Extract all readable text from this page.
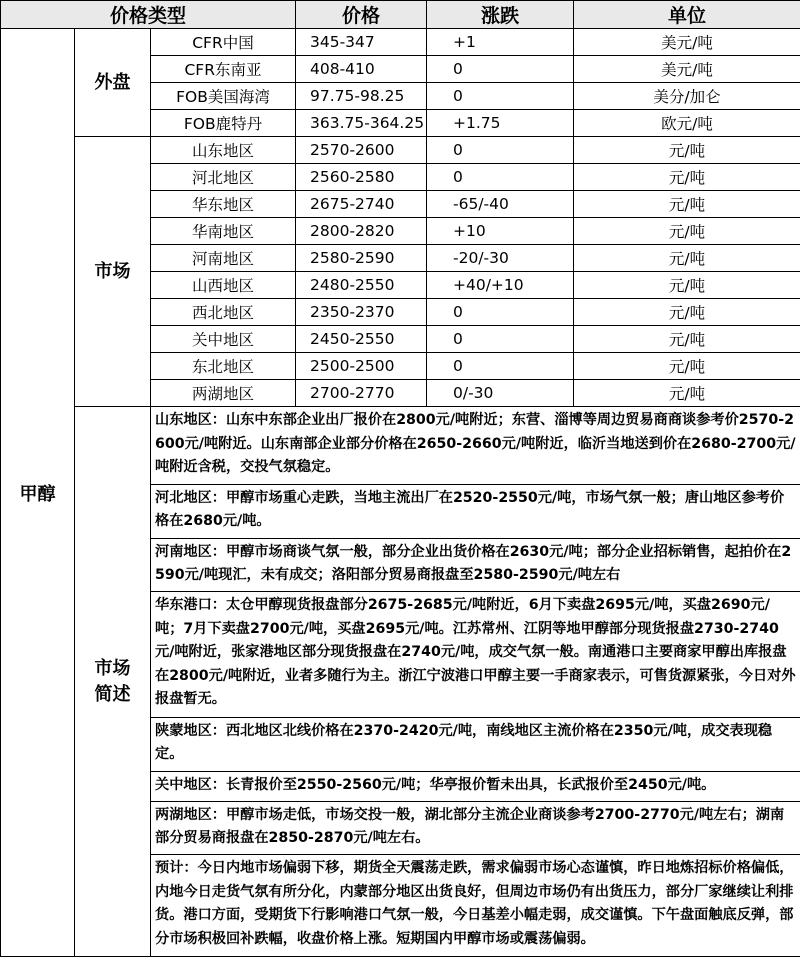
价格类型			价格	涨跌	单位
甲醇	外盘	CFR中国	345-347	+1	美元/吨
		CFR东南亚	408-410	0	美元/吨
		FOB美国海湾	97.75-98.25	0	美分/加仑
		FOB鹿特丹	363.75-364.25	+1.75	欧元/吨
	市场	山东地区	2570-2600	0	元/吨
		河北地区	2560-2580	0	元/吨
		华东地区	2675-2740	-65/-40	元/吨
		华南地区	2800-2820	+10	元/吨
		河南地区	2580-2590	-20/-30	元/吨
		山西地区	2480-2550	+40/+10	元/吨
		西北地区	2350-2370	0	元/吨
		关中地区	2450-2550	0	元/吨
		东北地区	2500-2500	0	元/吨
		两湖地区	2700-2770	0/-30	元/吨

	市场
简述	山东地区：山东中东部企业出厂报价在2800元/吨附近；东营、淄博等周边贸易商商谈参考价2570-2600元/吨附近。山东南部企业部分价格在2650-2660元/吨附近，临沂当地送到价在2680-2700元/吨附近含税，交投气氛稳定。			
		河北地区：甲醇市场重心走跌，当地主流出厂在2520-2550元/吨，市场气氛一般；唐山地区参考价格在2680元/吨。			
		河南地区：甲醇市场商谈气氛一般，部分企业出货价格在2630元/吨；部分企业招标销售，起拍价在2590元/吨现汇，未有成交；洛阳部分贸易商报盘至2580-2590元/吨左右			
		华东港口：太仓甲醇现货报盘部分2675-2685元/吨附近，6月下卖盘2695元/吨，买盘2690元/吨；7月下卖盘2700元/吨，买盘2695元/吨。江苏常州、江阴等地甲醇部分现货报盘2730-2740元/吨附近，张家港地区部分现货报盘在2740元/吨，成交气氛一般。南通港口主要商家甲醇出库报盘在2800元/吨附近，业者多随行为主。浙江宁波港口甲醇主要一手商家表示，可售货源紧张，今日对外报盘暂无。			
		陕蒙地区：西北地区北线价格在2370-2420元/吨，南线地区主流价格在2350元/吨，成交表现稳定。			
		关中地区：长青报价至2550-2560元/吨；华亭报价暂未出具，长武报价至2450元/吨。			
		两湖地区：甲醇市场走低，市场交投一般，湖北部分主流企业商谈参考2700-2770元/吨左右；湖南部分贸易商报盘在2850-2870元/吨左右。			
		预计：今日内地市场偏弱下移，期货全天震荡走跌，需求偏弱市场心态谨慎，昨日地炼招标价格偏低，内地今日走货气氛有所分化，内蒙部分地区出货良好，但周边市场仍有出货压力，部分厂家继续让利排货。港口方面，受期货下行影响港口气氛一般，今日基差小幅走弱，成交谨慎。下午盘面触底反弹，部分市场积极回补跌幅，收盘价格上涨。短期国内甲醇市场或震荡偏弱。			
